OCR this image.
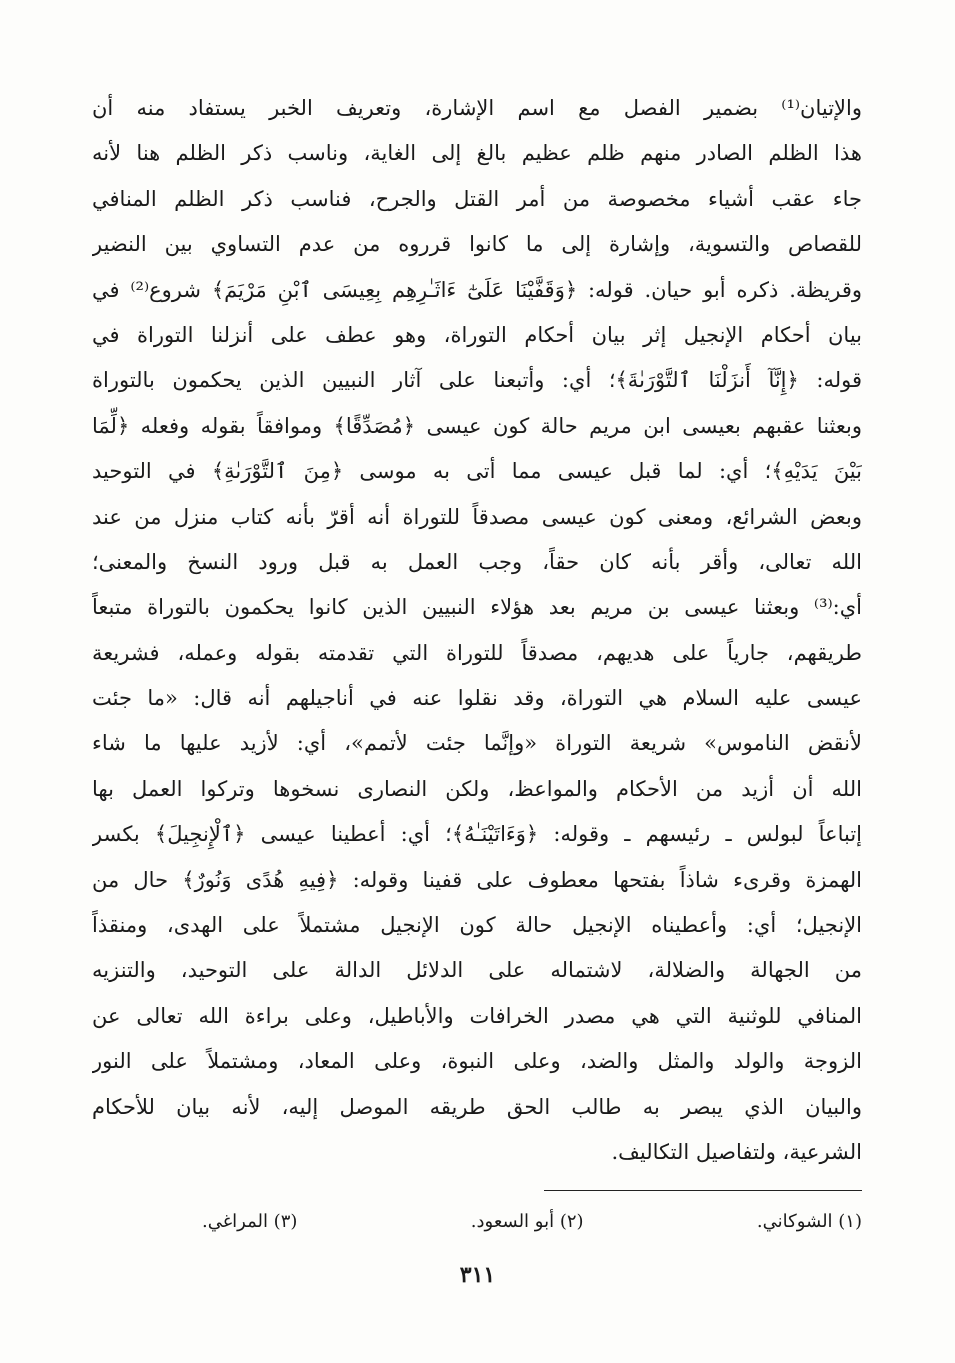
والإتيان⁽¹⁾ بضمير الفصل مع اسم الإشارة، وتعريف الخبر يستفاد منه أن
هذا الظلم الصادر منهم ظلم عظيم بالغ إلى الغاية، وناسب ذكر الظلم هنا لأنه
جاء عقب أشياء مخصوصة من أمر القتل والجرح، فناسب ذكر الظلم المنافي
للقصاص والتسوية، وإشارة إلى ما كانوا قرروه من عدم التساوي بين النضير
وقريظة. ذكره أبو حيان. قوله: ﴿وَقَفَّيْنَا عَلَىٰٓ ءَاثَـٰرِهِم بِعِيسَى ٱبْنِ مَرْيَمَ﴾ شروع⁽²⁾ في
بيان أحكام الإنجيل إثر بيان أحكام التوراة، وهو عطف على أنزلنا التوراة في
قوله: ﴿إِنَّآ أَنزَلْنَا ٱلتَّوْرَىٰةَ﴾؛ أي: وأتبعنا على آثار النبيين الذين يحكمون بالتوراة
وبعثنا عقبهم بعيسى ابن مريم حالة كون عيسى ﴿مُصَدِّقًا﴾ وموافقاً بقوله وفعله ﴿لِّمَا
بَيْنَ يَدَيْهِ﴾؛ أي: لما قبل عيسى مما أتى به موسى ﴿مِنَ ٱلتَّوْرَىٰةِ﴾ في التوحيد
وبعض الشرائع، ومعنى كون عيسى مصدقاً للتوراة أنه أقرّ بأنه كتاب منزل من عند
الله تعالى، وأقر بأنه كان حقاً، وجب العمل به قبل ورود النسخ والمعنى؛
أي:⁽³⁾ وبعثنا عيسى بن مريم بعد هؤلاء النبيين الذين كانوا يحكمون بالتوراة متبعاً
طريقهم، جارياً على هديهم، مصدقاً للتوراة التي تقدمته بقوله وعمله، فشريعة
عيسى عليه السلام هي التوراة، وقد نقلوا عنه في أناجيلهم أنه قال: «ما جئت
لأنقض الناموس» شريعة التوراة «وإنَّما جئت لأتمم»، أي: لأزيد عليها ما شاء
الله أن أزيد من الأحكام والمواعظ، ولكن النصارى نسخوها وتركوا العمل بها
إتباعاً لبولس ـ رئيسهم ـ وقوله: ﴿وَءَاتَيْنَـٰهُ﴾؛ أي: أعطينا عيسى ﴿ٱلْإِنجِيلَ﴾ بكسر
الهمزة وقرىء شاذاً بفتحها معطوف على قفينا وقوله: ﴿فِيهِ هُدًى وَنُورٌ﴾ حال من
الإنجيل؛ أي: وأعطيناه الإنجيل حالة كون الإنجيل مشتملاً على الهدى، ومنقذاً
من الجهالة والضلالة، لاشتماله على الدلائل الدالة على التوحيد، والتنزيه
المنافي للوثنية التي هي مصدر الخرافات والأباطيل، وعلى براءة الله تعالى عن
الزوجة والولد والمثل والضد، وعلى النبوة، وعلى المعاد، ومشتملاً على النور
والبيان الذي يبصر به طالب الحق طريقه الموصل إليه، لأنه بيان للأحكام
الشرعية، ولتفاصيل التكاليف.
(١) الشوكاني.
(٢) أبو السعود.
(٣) المراغي.
٣١١
